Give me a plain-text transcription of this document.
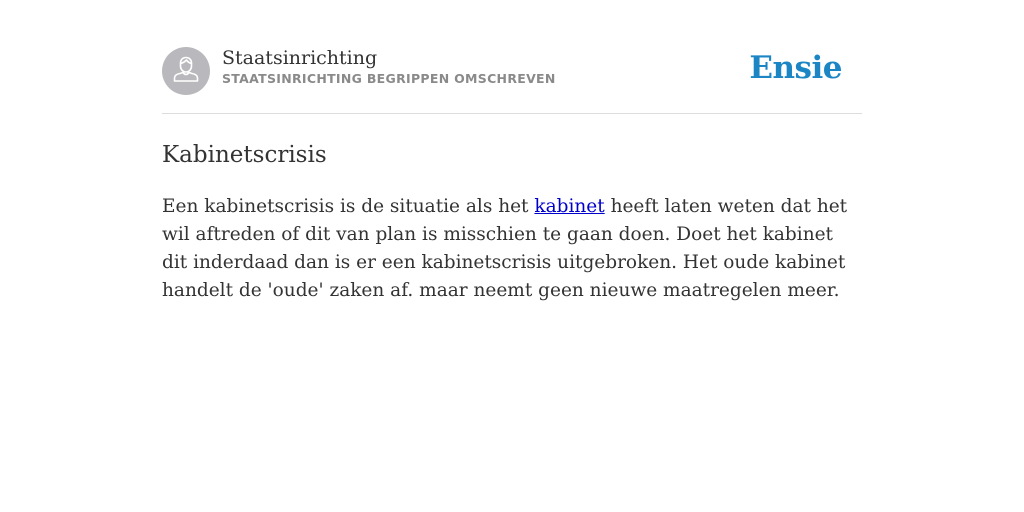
Staatsinrichting
STAATSINRICHTING BEGRIPPEN OMSCHREVEN	Ensie
Kabinetscrisis

Een kabinetscrisis is de situatie als het kabinet heeft laten weten dat het wil aftreden of dit van plan is misschien te gaan doen. Doet het kabinet dit inderdaad dan is er een kabinetscrisis uitgebroken. Het oude kabinet handelt de 'oude' zaken af. maar neemt geen nieuwe maatregelen meer.
